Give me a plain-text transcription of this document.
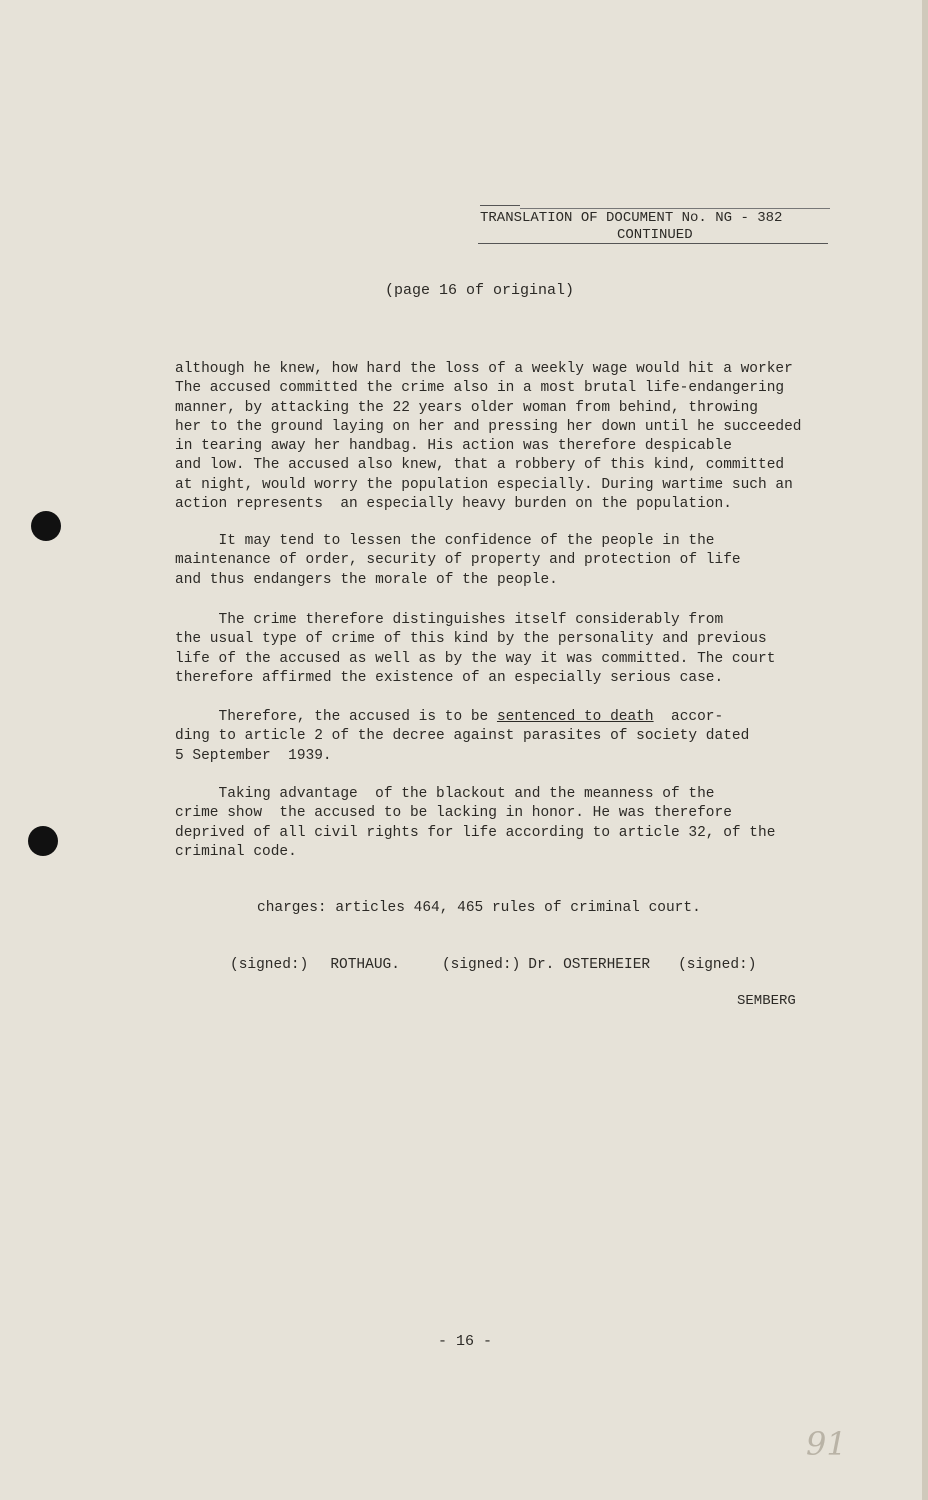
TRANSLATION OF DOCUMENT No. NG - 382
CONTINUED
(page 16 of original)

although he knew, how hard the loss of a weekly wage would hit a worker

The accused committed the crime also in a most brutal life-endangering

manner, by attacking the 22 years older woman from behind, throwing

her to the ground laying on her and pressing her down until he succeeded

in tearing away her handbag. His action was therefore despicable

and low. The accused also knew, that a robbery of this kind, committed

at night, would worry the population especially. During wartime such an

action represents  an especially heavy burden on the population.

It may tend to lessen the confidence of the people in the

maintenance of order, security of property and protection of life

and thus endangers the morale of the people.

The crime therefore distinguishes itself considerably from

the usual type of crime of this kind by the personality and previous

life of the accused as well as by the way it was committed. The court

therefore affirmed the existence of an especially serious case.

Therefore, the accused is to be sentenced to death  accor-

ding to article 2 of the decree against parasites of society dated

5 September  1939.

Taking advantage  of the blackout and the meanness of the

crime show  the accused to be lacking in honor. He was therefore

deprived of all civil rights for life according to article 32, of the

criminal code.

charges: articles 464, 465 rules of criminal court.
(signed:) ROTHAUG.	(signed:) Dr. OSTERHEIER (signed:)
SEMBERG
- 16 -
91
